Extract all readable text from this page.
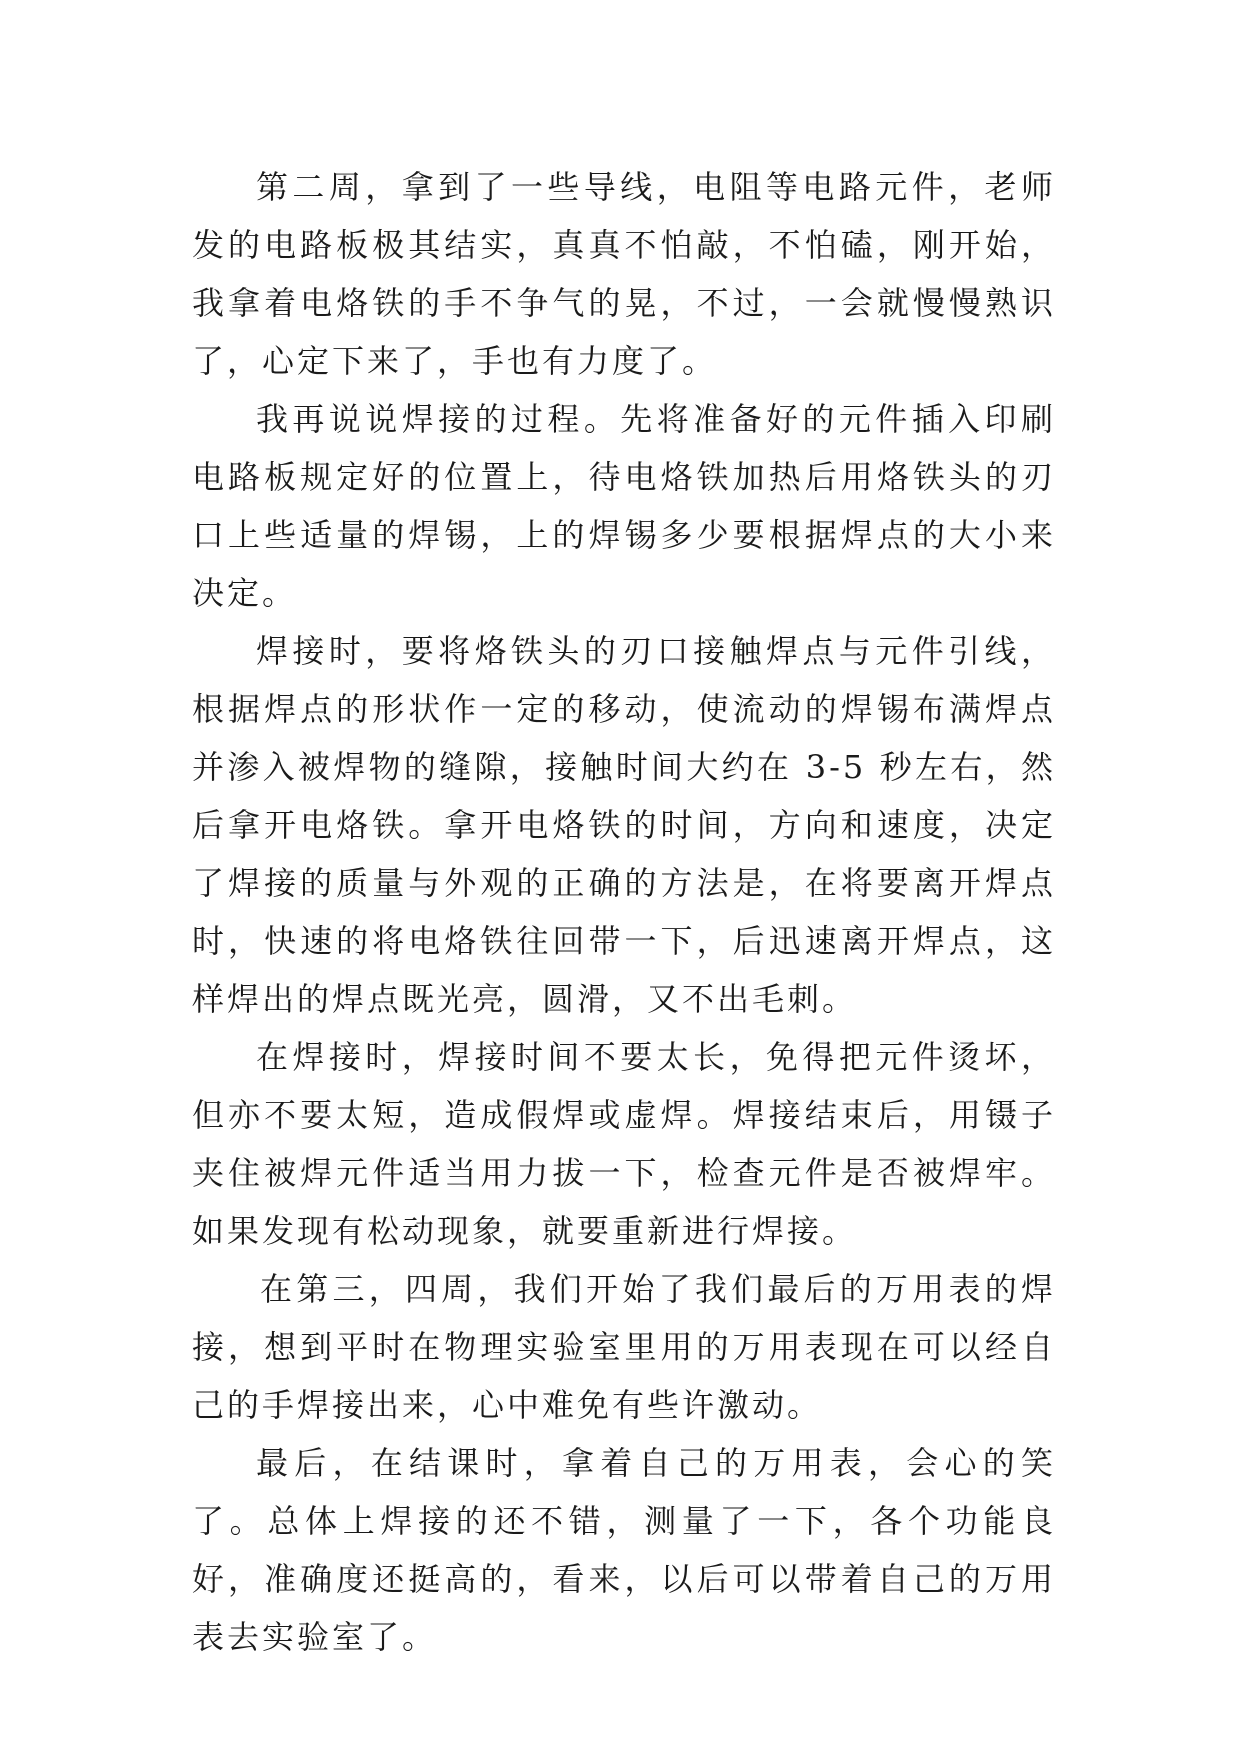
第二周，拿到了一些导线，电阻等电路元件，老师发的电路板极其结实，真真不怕敲，不怕磕，刚开始，我拿着电烙铁的手不争气的晃，不过，一会就慢慢熟识了，心定下来了，手也有力度了。

我再说说焊接的过程。先将准备好的元件插入印刷电路板规定好的位置上，待电烙铁加热后用烙铁头的刃口上些适量的焊锡，上的焊锡多少要根据焊点的大小来决定。

焊接时，要将烙铁头的刃口接触焊点与元件引线，根据焊点的形状作一定的移动，使流动的焊锡布满焊点并渗入被焊物的缝隙，接触时间大约在 3-5 秒左右，然后拿开电烙铁。拿开电烙铁的时间，方向和速度，决定了焊接的质量与外观的正确的方法是，在将要离开焊点时，快速的将电烙铁往回带一下，后迅速离开焊点，这样焊出的焊点既光亮，圆滑，又不出毛刺。

在焊接时，焊接时间不要太长，免得把元件烫坏，但亦不要太短，造成假焊或虚焊。焊接结束后，用镊子夹住被焊元件适当用力拔一下，检查元件是否被焊牢。如果发现有松动现象，就要重新进行焊接。

在第三，四周，我们开始了我们最后的万用表的焊接，想到平时在物理实验室里用的万用表现在可以经自己的手焊接出来，心中难免有些许激动。

最后，在结课时，拿着自己的万用表，会心的笑了。总体上焊接的还不错，测量了一下，各个功能良好，准确度还挺高的，看来，以后可以带着自己的万用表去实验室了。
